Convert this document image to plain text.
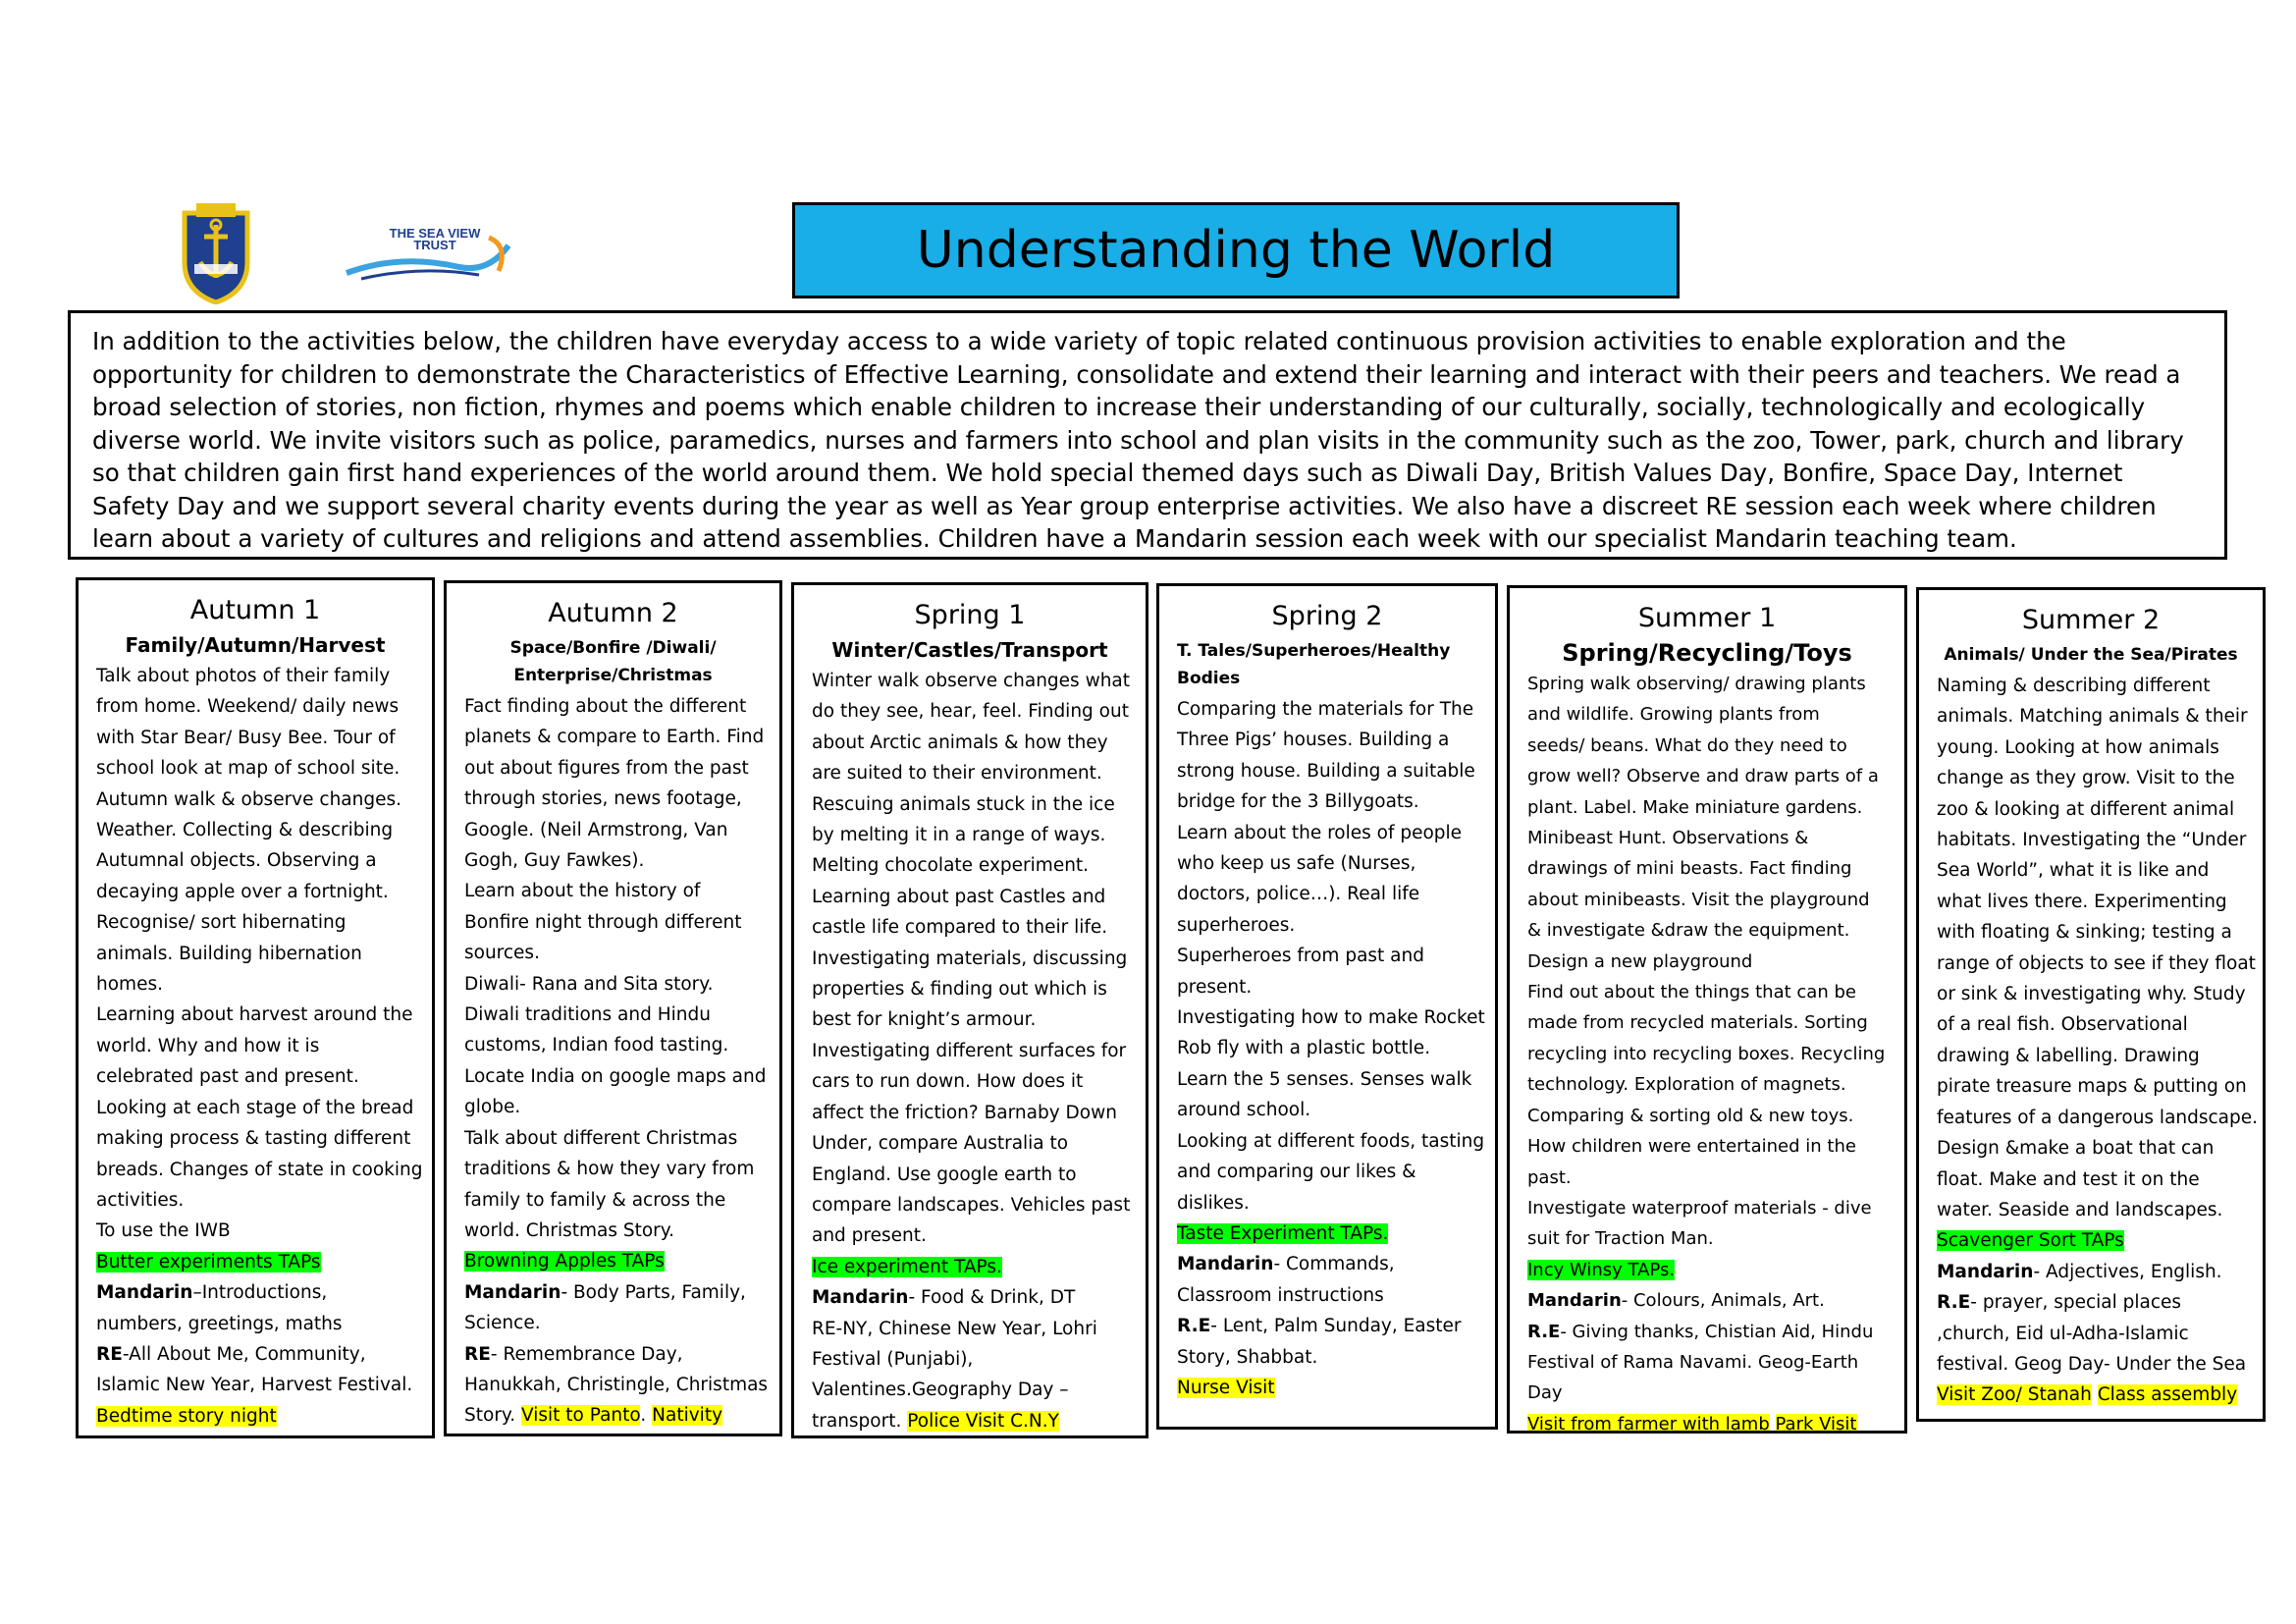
THE SEA VIEW TRUST	Understanding the World
In addition to the activities below, the children have everyday access to a wide variety of topic related continuous provision activities to enable exploration and the opportunity for children to demonstrate the Characteristics of Effective Learning, consolidate and extend their learning and interact with their peers and teachers. We read a broad selection of stories, non fiction, rhymes and poems which enable children to increase their understanding of our culturally, socially, technologically and ecologically diverse world. We invite visitors such as police, paramedics, nurses and farmers into school and plan visits in the community such as the zoo, Tower, park, church and library so that children gain first hand experiences of the world around them. We hold special themed days such as Diwali Day, British Values Day, Bonfire, Space Day, Internet Safety Day and we support several charity events during the year as well as Year group enterprise activities. We also have a discreet RE session each week where children learn about a variety of cultures and religions and attend assemblies. Children have a Mandarin session each week with our specialist Mandarin teaching team.
Autumn 1
Family/Autumn/Harvest
Talk about photos of their family
from home. Weekend/ daily news
with Star Bear/ Busy Bee. Tour of
school look at map of school site.
Autumn walk & observe changes.
Weather. Collecting & describing
Autumnal objects. Observing a
decaying apple over a fortnight.
Recognise/ sort hibernating
animals. Building hibernation
homes.
Learning about harvest around the
world. Why and how it is
celebrated past and present.
Looking at each stage of the bread
making process & tasting different
breads. Changes of state in cooking
activities.
To use the IWB
Butter experiments TAPs
Mandarin–Introductions,
numbers, greetings, maths
RE-All About Me, Community,
Islamic New Year, Harvest Festival.
Bedtime story night
Autumn 2
Space/Bonfire /Diwali/ Enterprise/Christmas
Fact finding about the different
planets & compare to Earth. Find
out about figures from the past
through stories, news footage,
Google. (Neil Armstrong, Van
Gogh, Guy Fawkes).
Learn about the history of
Bonfire night through different
sources.
Diwali- Rana and Sita story.
Diwali traditions and Hindu
customs, Indian food tasting.
Locate India on google maps and
globe.
Talk about different Christmas
traditions & how they vary from
family to family & across the
world. Christmas Story.
Browning Apples TAPs
Mandarin- Body Parts, Family,
Science.
RE- Remembrance Day,
Hanukkah, Christingle, Christmas
Story. Visit to Panto. Nativity
Spring 1
Winter/Castles/Transport
Winter walk observe changes what
do they see, hear, feel. Finding out
about Arctic animals & how they
are suited to their environment.
Rescuing animals stuck in the ice
by melting it in a range of ways.
Melting chocolate experiment.
Learning about past Castles and
castle life compared to their life.
Investigating materials, discussing
properties & finding out which is
best for knight’s armour.
Investigating different surfaces for
cars to run down. How does it
affect the friction? Barnaby Down
Under, compare Australia to
England. Use google earth to
compare landscapes. Vehicles past
and present.
Ice experiment TAPs.
Mandarin- Food & Drink, DT
RE-NY, Chinese New Year, Lohri
Festival (Punjabi),
Valentines.Geography Day –
transport. Police Visit C.N.Y
Spring 2
T. Tales/Superheroes/Healthy Bodies
Comparing the materials for The
Three Pigs’ houses. Building a
strong house. Building a suitable
bridge for the 3 Billygoats.
Learn about the roles of people
who keep us safe (Nurses,
doctors, police…). Real life
superheroes.
Superheroes from past and
present.
Investigating how to make Rocket
Rob fly with a plastic bottle.
Learn the 5 senses. Senses walk
around school.
Looking at different foods, tasting
and comparing our likes &
dislikes.
Taste Experiment TAPs.
Mandarin- Commands,
Classroom instructions
R.E- Lent, Palm Sunday, Easter
Story, Shabbat.
Nurse Visit
Summer 1
Spring/Recycling/Toys
Spring walk observing/ drawing plants
and wildlife. Growing plants from
seeds/ beans. What do they need to
grow well? Observe and draw parts of a
plant. Label. Make miniature gardens.
Minibeast Hunt. Observations &
drawings of mini beasts. Fact finding
about minibeasts. Visit the playground
& investigate &draw the equipment.
Design a new playground
Find out about the things that can be
made from recycled materials. Sorting
recycling into recycling boxes. Recycling
technology. Exploration of magnets.
Comparing & sorting old & new toys.
How children were entertained in the
past.
Investigate waterproof materials - dive
suit for Traction Man.
Incy Winsy TAPs.
Mandarin- Colours, Animals, Art.
R.E- Giving thanks, Chistian Aid, Hindu
Festival of Rama Navami. Geog-Earth
Day
Visit from farmer with lamb Park Visit
Summer 2
Animals/ Under the Sea/Pirates
Naming & describing different
animals. Matching animals & their
young. Looking at how animals
change as they grow. Visit to the
zoo & looking at different animal
habitats. Investigating the “Under
Sea World”, what it is like and
what lives there. Experimenting
with floating & sinking; testing a
range of objects to see if they float
or sink & investigating why. Study
of a real fish. Observational
drawing & labelling. Drawing
pirate treasure maps & putting on
features of a dangerous landscape.
Design &make a boat that can
float. Make and test it on the
water. Seaside and landscapes.
Scavenger Sort TAPs
Mandarin- Adjectives, English.
R.E- prayer, special places
,church, Eid ul-Adha-Islamic
festival. Geog Day- Under the Sea
Visit Zoo/ Stanah Class assembly
